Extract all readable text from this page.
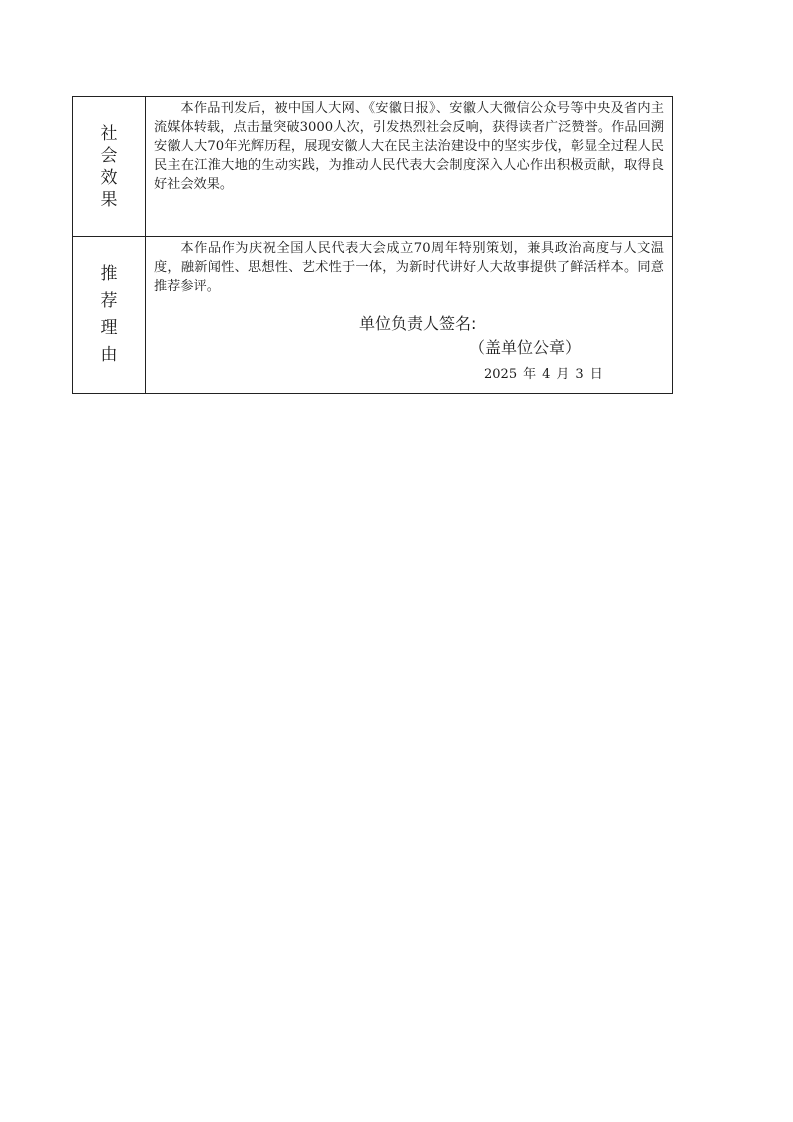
社会效果	本作品刊发后，被中国人大网、《安徽日报》、安徽人大微信公众号等中央及省内主流媒体转载，点击量突破3000人次，引发热烈社会反响，获得读者广泛赞誉。作品回溯安徽人大70年光辉历程，展现安徽人大在民主法治建设中的坚实步伐，彰显全过程人民民主在江淮大地的生动实践，为推动人民代表大会制度深入人心作出积极贡献，取得良好社会效果。

推荐理由	本作品作为庆祝全国人民代表大会成立70周年特别策划，兼具政治高度与人文温度，融新闻性、思想性、艺术性于一体，为新时代讲好人大故事提供了鲜活样本。同意推荐参评。

单位负责人签名:
（盖单位公章）
2025 年 4 月 3 日
